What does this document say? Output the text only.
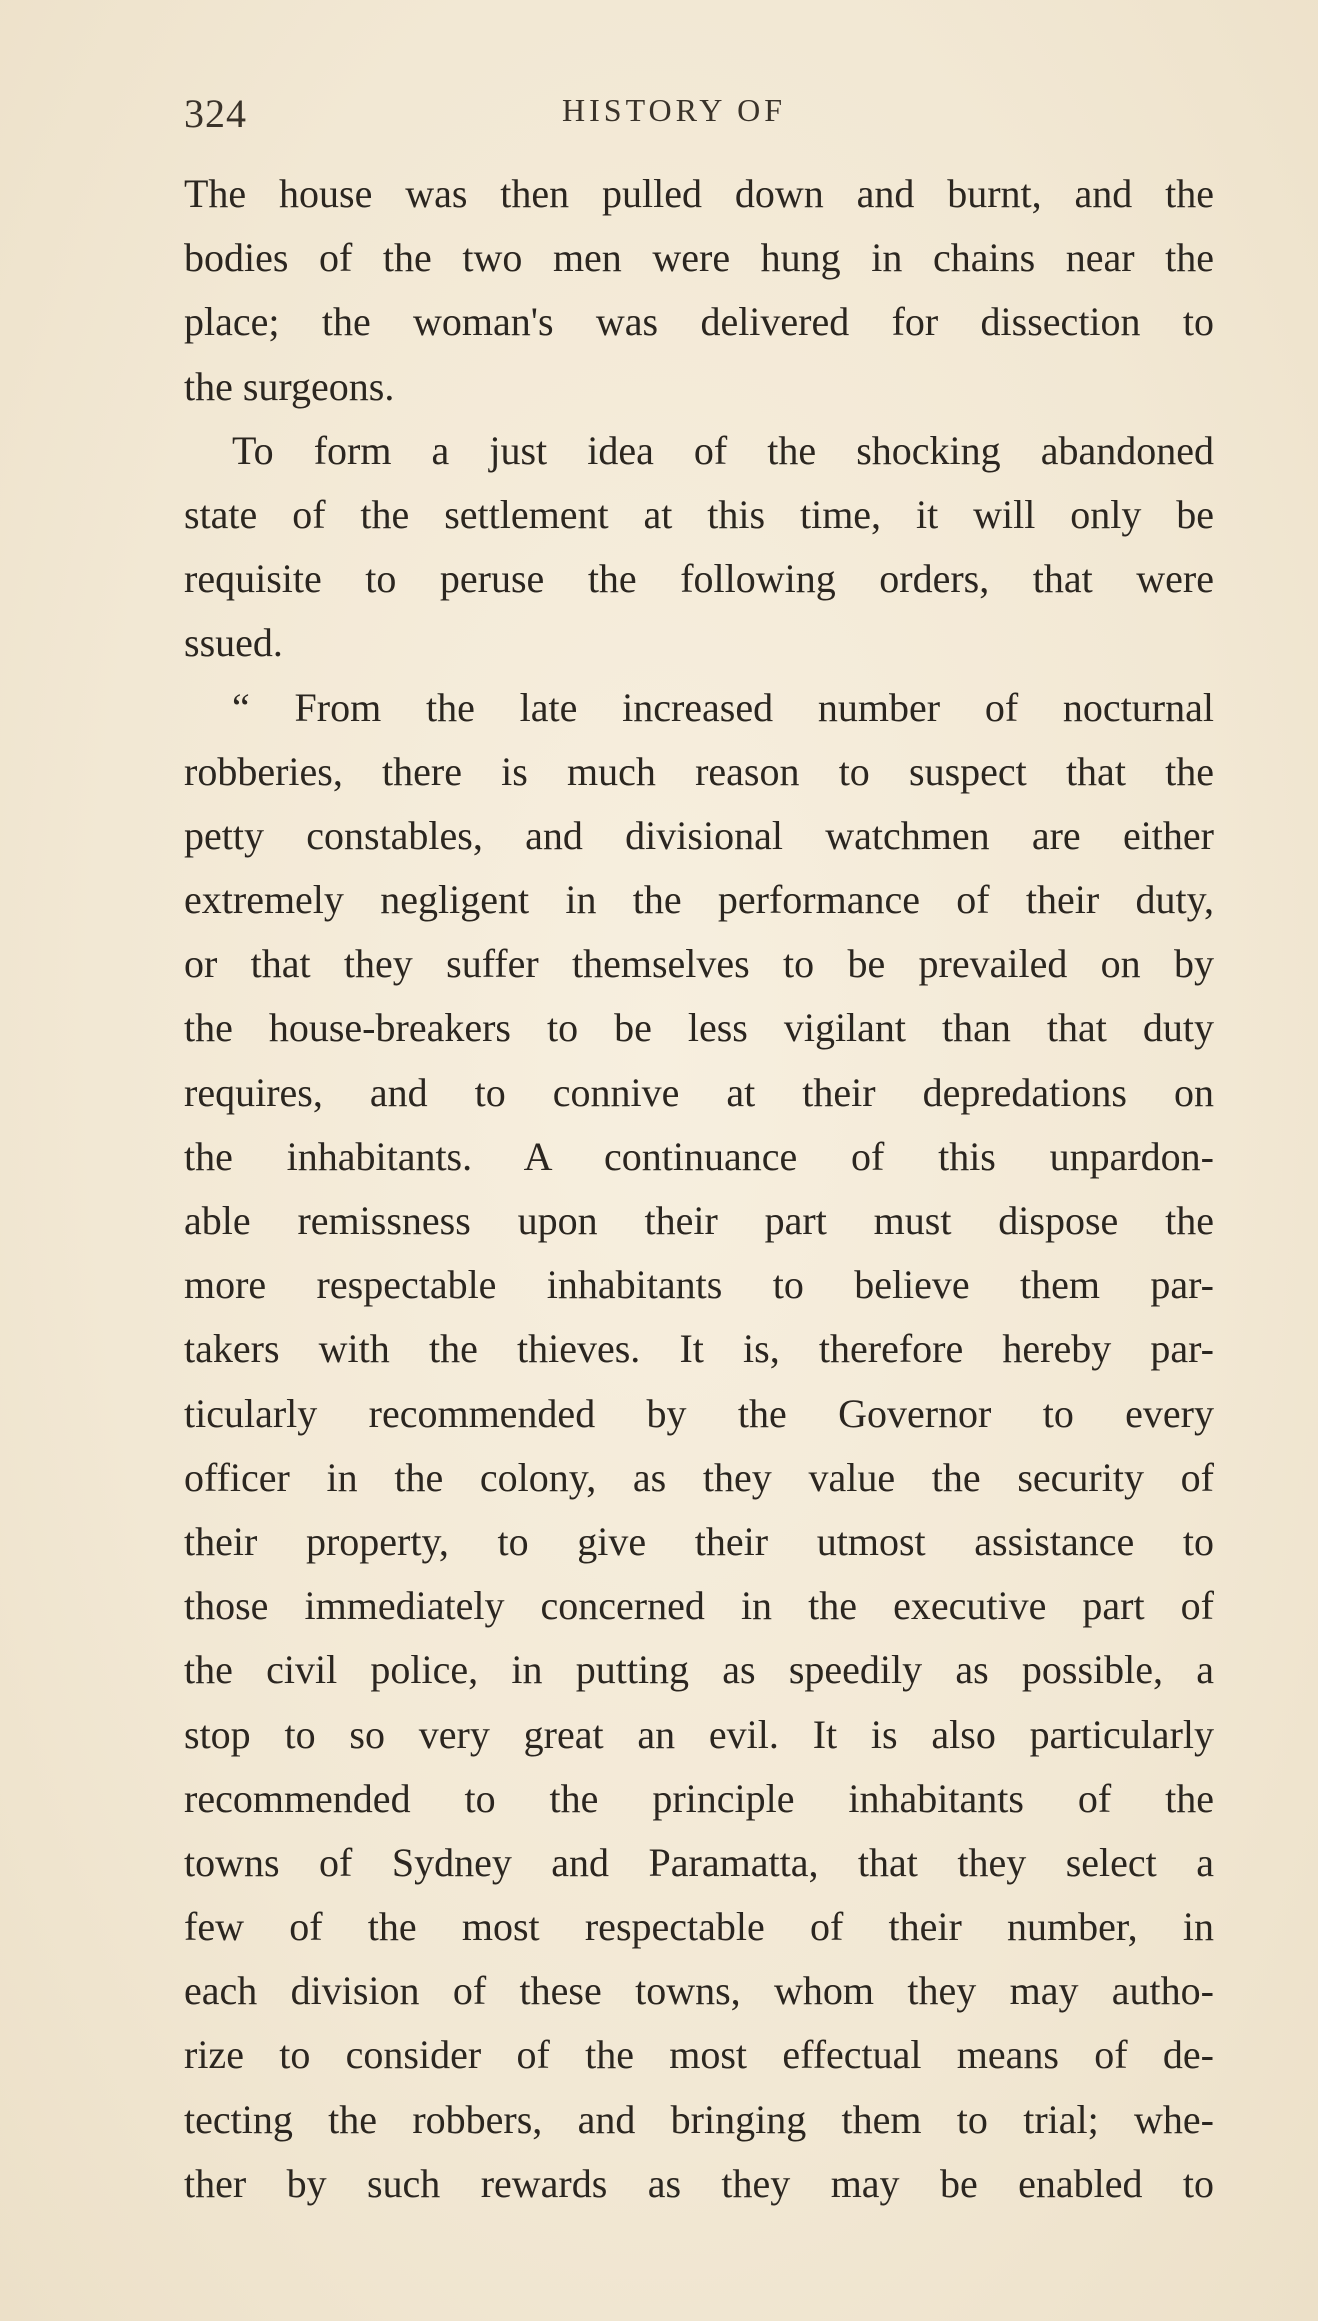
324	HISTORY OF
The house was then pulled down and burnt, and the
bodies of the two men were hung in chains near the
place; the woman's was delivered for dissection to
the surgeons.
To form a just idea of the shocking abandoned
state of the settlement at this time, it will only be
requisite to peruse the following orders, that were
ssued.
“ From the late increased number of nocturnal
robberies, there is much reason to suspect that the
petty constables, and divisional watchmen are either
extremely negligent in the performance of their duty,
or that they suffer themselves to be prevailed on by
the house-breakers to be less vigilant than that duty
requires, and to connive at their depredations on
the inhabitants. A continuance of this unpardon-
able remissness upon their part must dispose the
more respectable inhabitants to believe them par-
takers with the thieves. It is, therefore hereby par-
ticularly recommended by the Governor to every
officer in the colony, as they value the security of
their property, to give their utmost assistance to
those immediately concerned in the executive part of
the civil police, in putting as speedily as possible, a
stop to so very great an evil. It is also particularly
recommended to the principle inhabitants of the
towns of Sydney and Paramatta, that they select a
few of the most respectable of their number, in
each division of these towns, whom they may autho-
rize to consider of the most effectual means of de-
tecting the robbers, and bringing them to trial; whe-
ther by such rewards as they may be enabled to
